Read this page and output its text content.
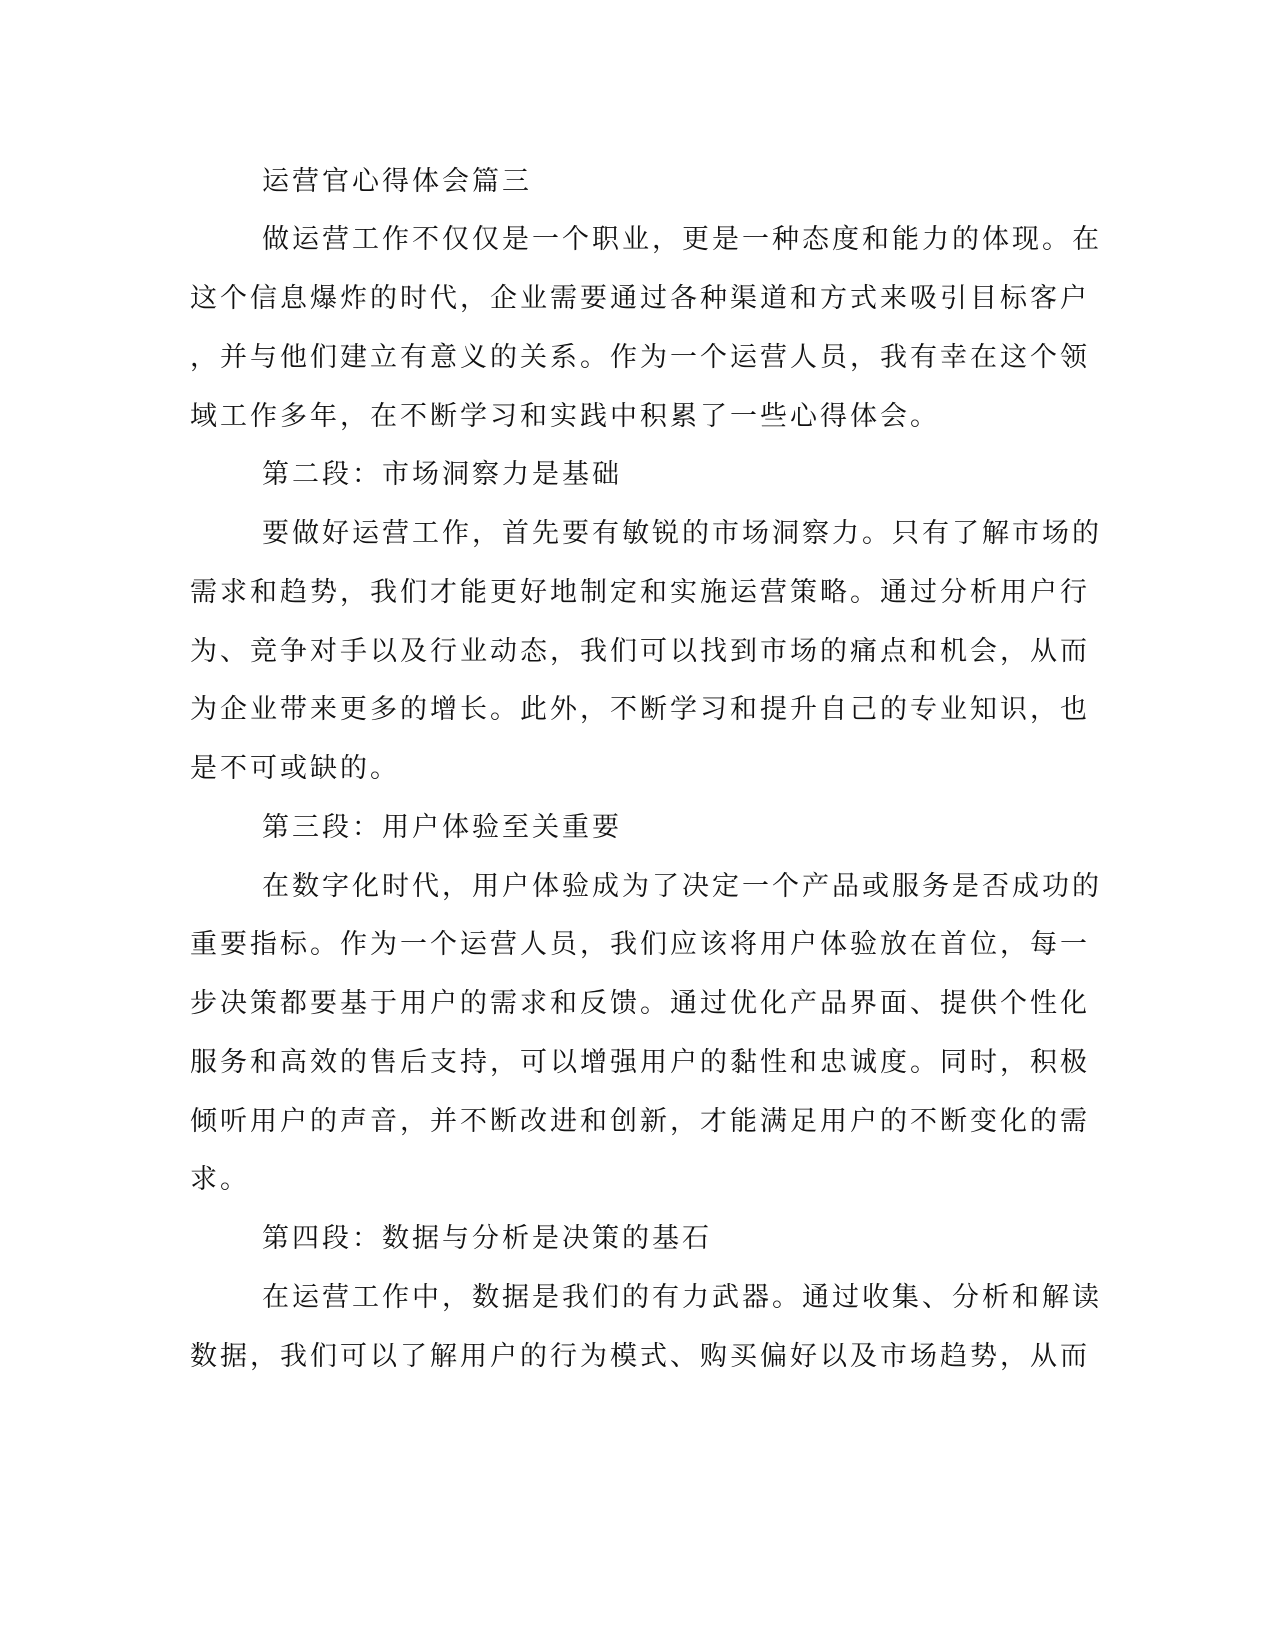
运营官心得体会篇三
做运营工作不仅仅是一个职业，更是一种态度和能力的体现。在
这个信息爆炸的时代，企业需要通过各种渠道和方式来吸引目标客户
，并与他们建立有意义的关系。作为一个运营人员，我有幸在这个领
域工作多年，在不断学习和实践中积累了一些心得体会。
第二段：市场洞察力是基础
要做好运营工作，首先要有敏锐的市场洞察力。只有了解市场的
需求和趋势，我们才能更好地制定和实施运营策略。通过分析用户行
为、竞争对手以及行业动态，我们可以找到市场的痛点和机会，从而
为企业带来更多的增长。此外，不断学习和提升自己的专业知识，也
是不可或缺的。
第三段：用户体验至关重要
在数字化时代，用户体验成为了决定一个产品或服务是否成功的
重要指标。作为一个运营人员，我们应该将用户体验放在首位，每一
步决策都要基于用户的需求和反馈。通过优化产品界面、提供个性化
服务和高效的售后支持，可以增强用户的黏性和忠诚度。同时，积极
倾听用户的声音，并不断改进和创新，才能满足用户的不断变化的需
求。
第四段：数据与分析是决策的基石
在运营工作中，数据是我们的有力武器。通过收集、分析和解读
数据，我们可以了解用户的行为模式、购买偏好以及市场趋势，从而
